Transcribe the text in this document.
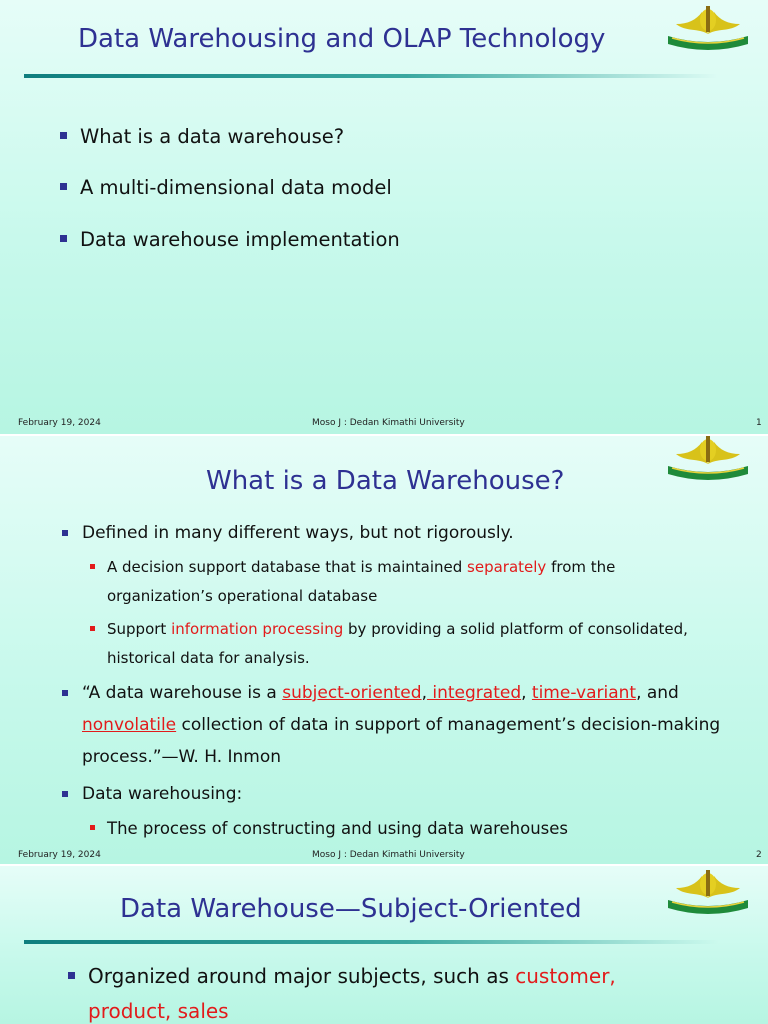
Data Warehousing and OLAP Technology
What is a data warehouse?
A multi-dimensional data model
Data warehouse implementation
February 19, 2024	Moso J : Dedan Kimathi University	1
What is a Data Warehouse?
Defined in many different ways, but not rigorously.
A decision support database that is maintained separately from the
organization’s operational database
Support information processing by providing a solid platform of consolidated,
historical data for analysis.
“A data warehouse is a subject-oriented, integrated, time-variant, and
nonvolatile collection of data in support of management’s decision-making
process.”—W. H. Inmon
Data warehousing:
The process of constructing and using data warehouses
February 19, 2024	Moso J : Dedan Kimathi University	2
Data Warehouse—Subject-Oriented
Organized around major subjects, such as customer,
product, sales
